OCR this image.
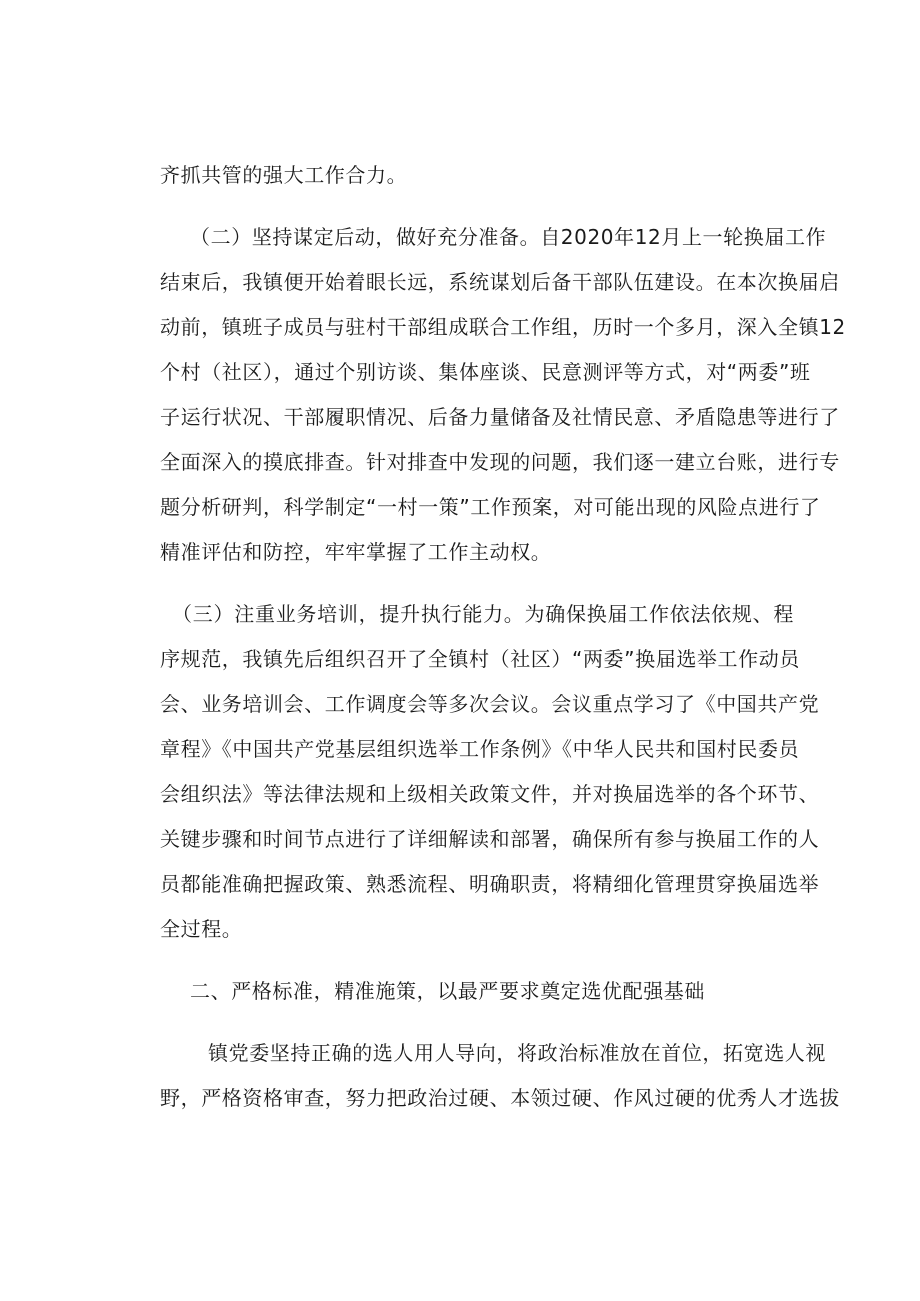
齐抓共管的强大工作合力。

（二）坚持谋定后动，做好充分准备。自2020年12月上一轮换届工作

结束后，我镇便开始着眼长远，系统谋划后备干部队伍建设。在本次换届启

动前，镇班子成员与驻村干部组成联合工作组，历时一个多月，深入全镇12

个村（社区），通过个别访谈、集体座谈、民意测评等方式，对“两委”班

子运行状况、干部履职情况、后备力量储备及社情民意、矛盾隐患等进行了

全面深入的摸底排查。针对排查中发现的问题，我们逐一建立台账，进行专

题分析研判，科学制定“一村一策”工作预案，对可能出现的风险点进行了

精准评估和防控，牢牢掌握了工作主动权。

（三）注重业务培训，提升执行能力。为确保换届工作依法依规、程

序规范，我镇先后组织召开了全镇村（社区）“两委”换届选举工作动员

会、业务培训会、工作调度会等多次会议。会议重点学习了《中国共产党

章程》《中国共产党基层组织选举工作条例》《中华人民共和国村民委员

会组织法》等法律法规和上级相关政策文件，并对换届选举的各个环节、

关键步骤和时间节点进行了详细解读和部署，确保所有参与换届工作的人

员都能准确把握政策、熟悉流程、明确职责，将精细化管理贯穿换届选举

全过程。

二、严格标准，精准施策，以最严要求奠定选优配强基础

镇党委坚持正确的选人用人导向，将政治标准放在首位，拓宽选人视

野，严格资格审查，努力把政治过硬、本领过硬、作风过硬的优秀人才选拔
